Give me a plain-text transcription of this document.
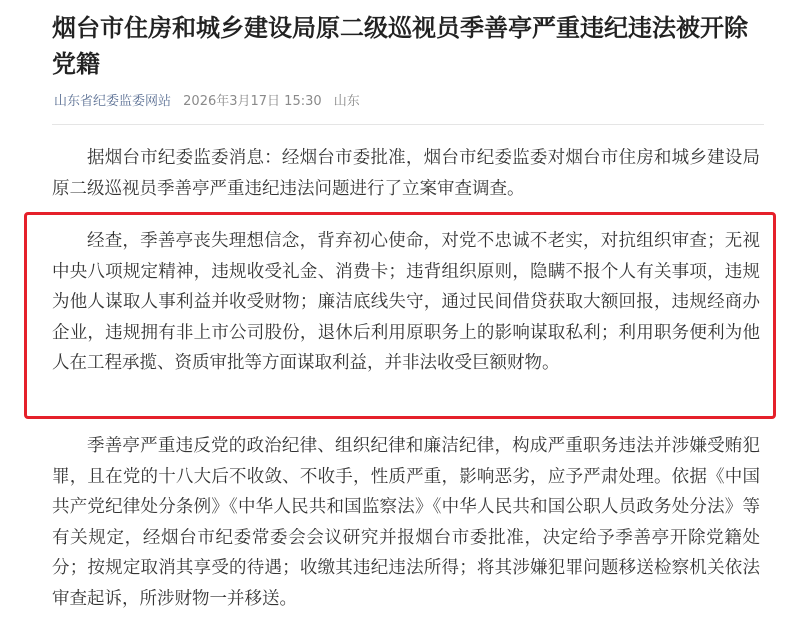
烟台市住房和城乡建设局原二级巡视员季善亭严重违纪违法被开除党籍
山东省纪委监委网站 2026年3月17日 15:30 山东

据烟台市纪委监委消息：经烟台市委批准，烟台市纪委监委对烟台市住房和城乡建设局原二级巡视员季善亭严重违纪违法问题进行了立案审查调查。

经查，季善亭丧失理想信念，背弃初心使命，对党不忠诚不老实，对抗组织审查；无视中央八项规定精神，违规收受礼金、消费卡；违背组织原则，隐瞒不报个人有关事项，违规为他人谋取人事利益并收受财物；廉洁底线失守，通过民间借贷获取大额回报，违规经商办企业，违规拥有非上市公司股份，退休后利用原职务上的影响谋取私利；利用职务便利为他人在工程承揽、资质审批等方面谋取利益，并非法收受巨额财物。

季善亭严重违反党的政治纪律、组织纪律和廉洁纪律，构成严重职务违法并涉嫌受贿犯罪，且在党的十八大后不收敛、不收手，性质严重，影响恶劣，应予严肃处理。依据《中国共产党纪律处分条例》《中华人民共和国监察法》《中华人民共和国公职人员政务处分法》等有关规定，经烟台市纪委常委会会议研究并报烟台市委批准，决定给予季善亭开除党籍处分；按规定取消其享受的待遇；收缴其违纪违法所得；将其涉嫌犯罪问题移送检察机关依法审查起诉，所涉财物一并移送。
